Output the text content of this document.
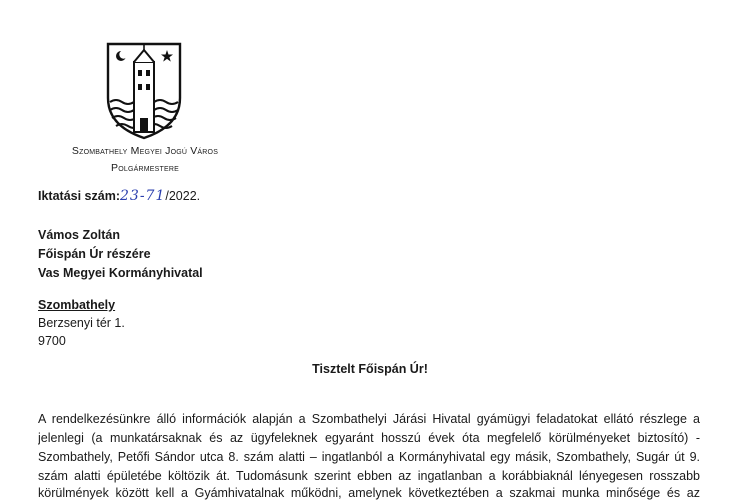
Szombathely Megyei Jogú Város
Polgármestere
Iktatási szám:23-71/2022.
Vámos Zoltán
Főispán Úr részére
Vas Megyei Kormányhivatal
Szombathely
Berzsenyi tér 1.
9700
Tisztelt Főispán Úr!
A rendelkezésünkre álló információk alapján a Szombathelyi Járási Hivatal gyámügyi feladatokat ellátó részlege a
jelenlegi (a munkatársaknak és az ügyfeleknek egyaránt hosszú évek óta megfelelő körülményeket biztosító) -
Szombathely, Petőfi Sándor utca 8. szám alatti – ingatlanból a Kormányhivatal egy másik, Szombathely, Sugár út 9.
szám alatti épületébe költözik át. Tudomásunk szerint ebben az ingatlanban a korábbiaknál lényegesen rosszabb
körülmények között kell a Gyámhivatalnak működni, amelynek következtében a szakmai munka minősége és az
